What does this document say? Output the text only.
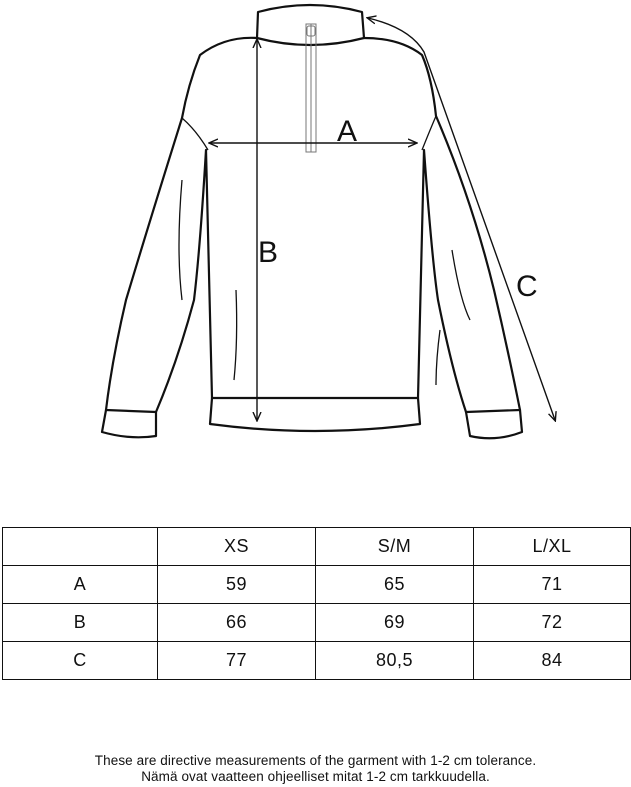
A
B
C
	XS	S/M	L/XL
A	59	65	71
B	66	69	72
C	77	80,5	84
These are directive measurements of the garment with 1-2 cm tolerance.
Nämä ovat vaatteen ohjeelliset mitat 1-2 cm tarkkuudella.
